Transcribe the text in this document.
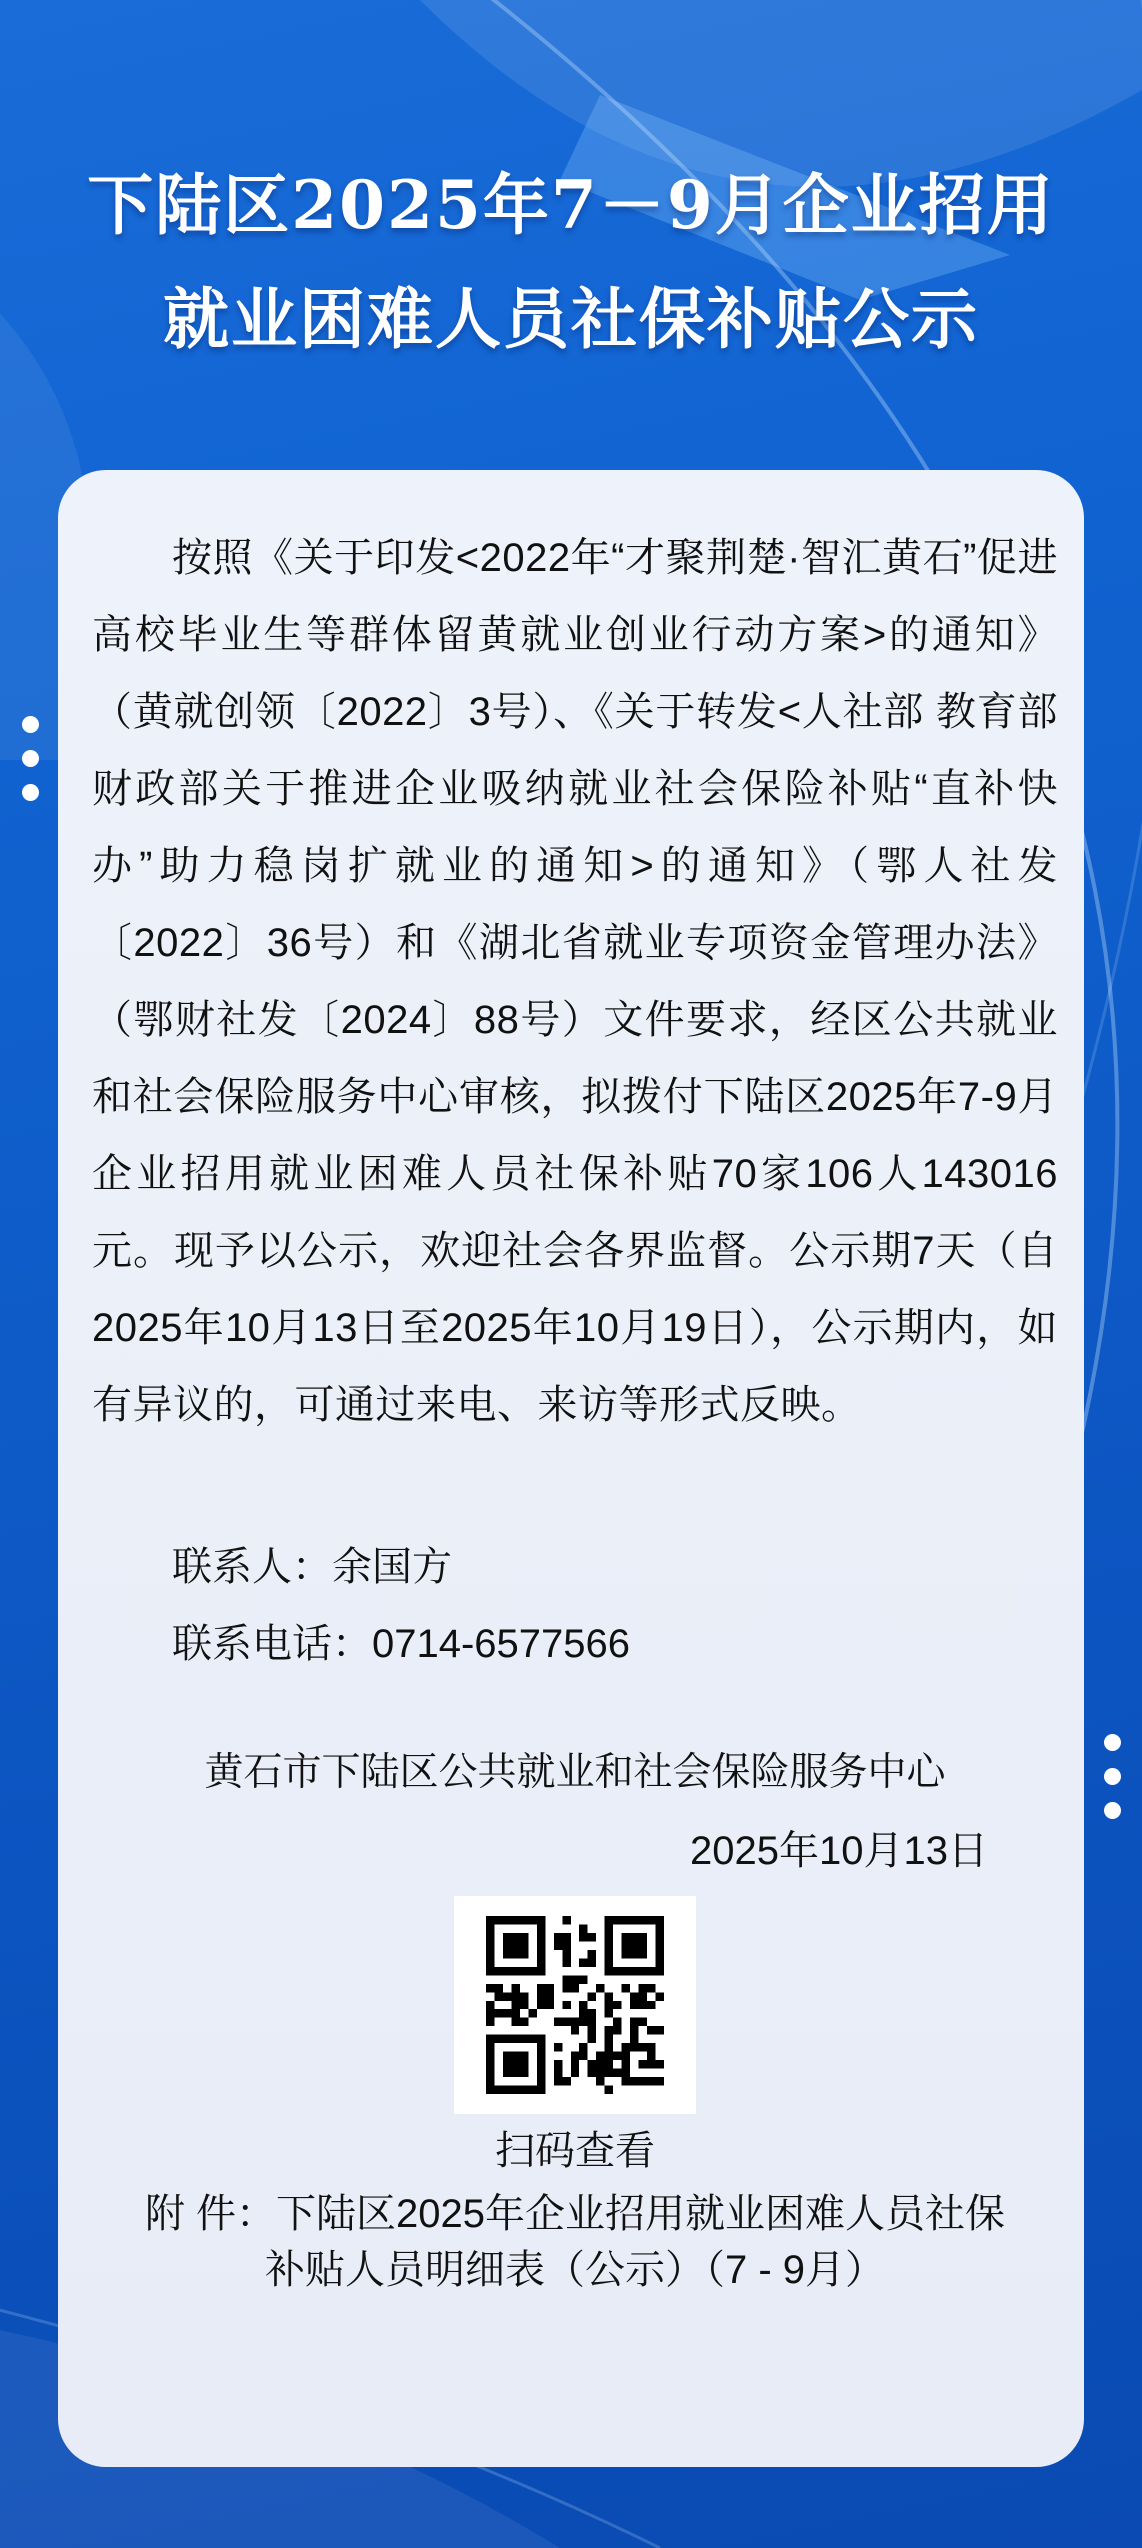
下陆区2025年7－9月企业招用
就业困难人员社保补贴公示

按照《关于印发<2022年“才聚荆楚·智汇黄石”促进高校毕业生等群体留黄就业创业行动方案>的通知》（黄就创领〔2022〕3号）、《关于转发<人社部 教育部 财政部关于推进企业吸纳就业社会保险补贴“直补快办”助力稳岗扩就业的通知>的通知》（鄂人社发〔2022〕36号）和《湖北省就业专项资金管理办法》（鄂财社发〔2024〕88号）文件要求，经区公共就业和社会保险服务中心审核，拟拨付下陆区2025年7-9月企业招用就业困难人员社保补贴70家106人143016元。现予以公示，欢迎社会各界监督。公示期7天（自2025年10月13日至2025年10月19日），公示期内，如有异议的，可通过来电、来访等形式反映。

联系人：余国方
联系电话：0714-6577566
黄石市下陆区公共就业和社会保险服务中心
2025年10月13日
扫码查看
附 件：下陆区2025年企业招用就业困难人员社保
补贴人员明细表（公示）（7 - 9月）
